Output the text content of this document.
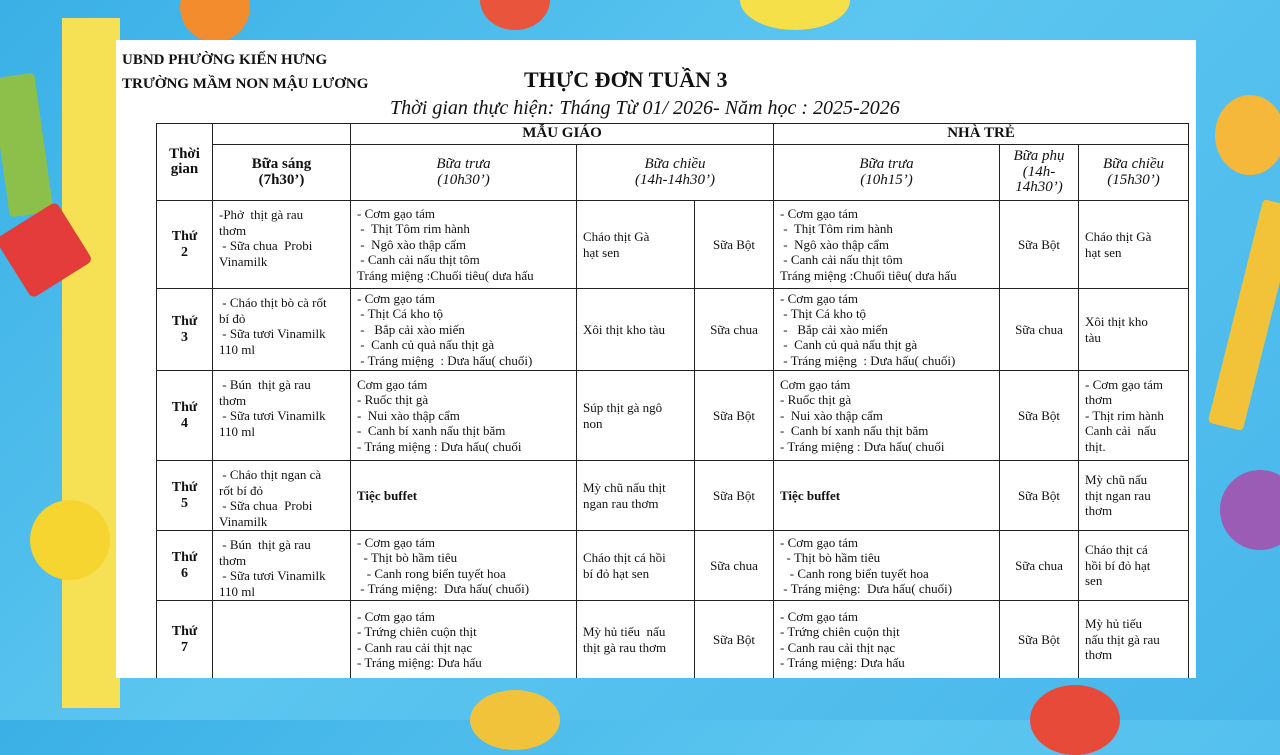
UBND PHƯỜNG KIẾN HƯNG
TRƯỜNG MẦM NON MẬU LƯƠNG	THỰC ĐƠN TUẦN 3
Thời gian thực hiện: Tháng Từ 01/ 2026- Năm học : 2025-2026
Thời
gian		MẪU GIÁO			NHÀ TRẺ		

	Bữa sáng
(7h30’)	Bữa trưa
(10h30’)	Bữa chiều
(14h-14h30’)		Bữa trưa
(10h15’)	Bữa phụ
(14h-
14h30’)	Bữa chiều
(15h30’)

Thứ
2	-Phở  thịt gà rau
thơm
- Sữa chua  Probi
Vinamilk	- Cơm gạo tám
-  Thịt Tôm rim hành
-  Ngô xào thập cẩm
- Canh cải nấu thịt tôm
Tráng miệng :Chuối tiêu( dưa hấu	Cháo thịt Gà
hạt sen	Sữa Bột	- Cơm gạo tám
-  Thịt Tôm rim hành
-  Ngô xào thập cẩm
- Canh cải nấu thịt tôm
Tráng miệng :Chuối tiêu( dưa hấu	Sữa Bột	Cháo thịt Gà
hạt sen

Thứ
3	- Cháo thịt bò cà rốt
bí đỏ
- Sữa tươi Vinamilk
110 ml	- Cơm gạo tám
- Thịt Cá kho tộ
-   Bắp cải xào miến
-  Canh củ quả nấu thịt gà
- Tráng miệng  : Dưa hấu( chuối)	Xôi thịt kho tàu	Sữa chua	- Cơm gạo tám
- Thịt Cá kho tộ
-   Bắp cải xào miến
-  Canh củ quả nấu thịt gà
- Tráng miệng  : Dưa hấu( chuối)	Sữa chua	Xôi thịt kho
tàu

Thứ
4	- Bún  thịt gà rau
thơm
- Sữa tươi Vinamilk
110 ml	Cơm gạo tám
- Ruốc thịt gà
-  Nui xào thập cẩm
-  Canh bí xanh nấu thịt băm
- Tráng miệng : Dưa hấu( chuối	Súp thịt gà ngô
non	Sữa Bột	Cơm gạo tám
- Ruốc thịt gà
-  Nui xào thập cẩm
-  Canh bí xanh nấu thịt băm
- Tráng miệng : Dưa hấu( chuối	Sữa Bột	- Cơm gạo tám
thơm
- Thịt rim hành
Canh cải  nấu
thịt.

Thứ
5	- Cháo thịt ngan cà
rốt bí đỏ
- Sữa chua  Probi
Vinamilk	Tiệc buffet	Mỳ chũ nấu thịt
ngan rau thơm	Sữa Bột	Tiệc buffet	Sữa Bột	Mỳ chũ nấu
thịt ngan rau
thơm

Thứ
6	- Bún  thịt gà rau
thơm
- Sữa tươi Vinamilk
110 ml	- Cơm gạo tám
- Thịt bò hầm tiêu
- Canh rong biển tuyết hoa
- Tráng miệng:  Dưa hấu( chuối)	Cháo thịt cá hồi
bí đỏ hạt sen	Sữa chua	- Cơm gạo tám
- Thịt bò hầm tiêu
- Canh rong biển tuyết hoa
- Tráng miệng:  Dưa hấu( chuối)	Sữa chua	Cháo thịt cá
hồi bí đỏ hạt
sen

Thứ
7		- Cơm gạo tám
- Trứng chiên cuộn thịt
- Canh rau cải thịt nạc
- Tráng miệng: Dưa hấu	Mỳ hủ tiếu  nấu
thịt gà rau thơm	Sữa Bột	- Cơm gạo tám
- Trứng chiên cuộn thịt
- Canh rau cải thịt nạc
- Tráng miệng: Dưa hấu	Sữa Bột	Mỳ hủ tiếu
nấu thịt gà rau
thơm
